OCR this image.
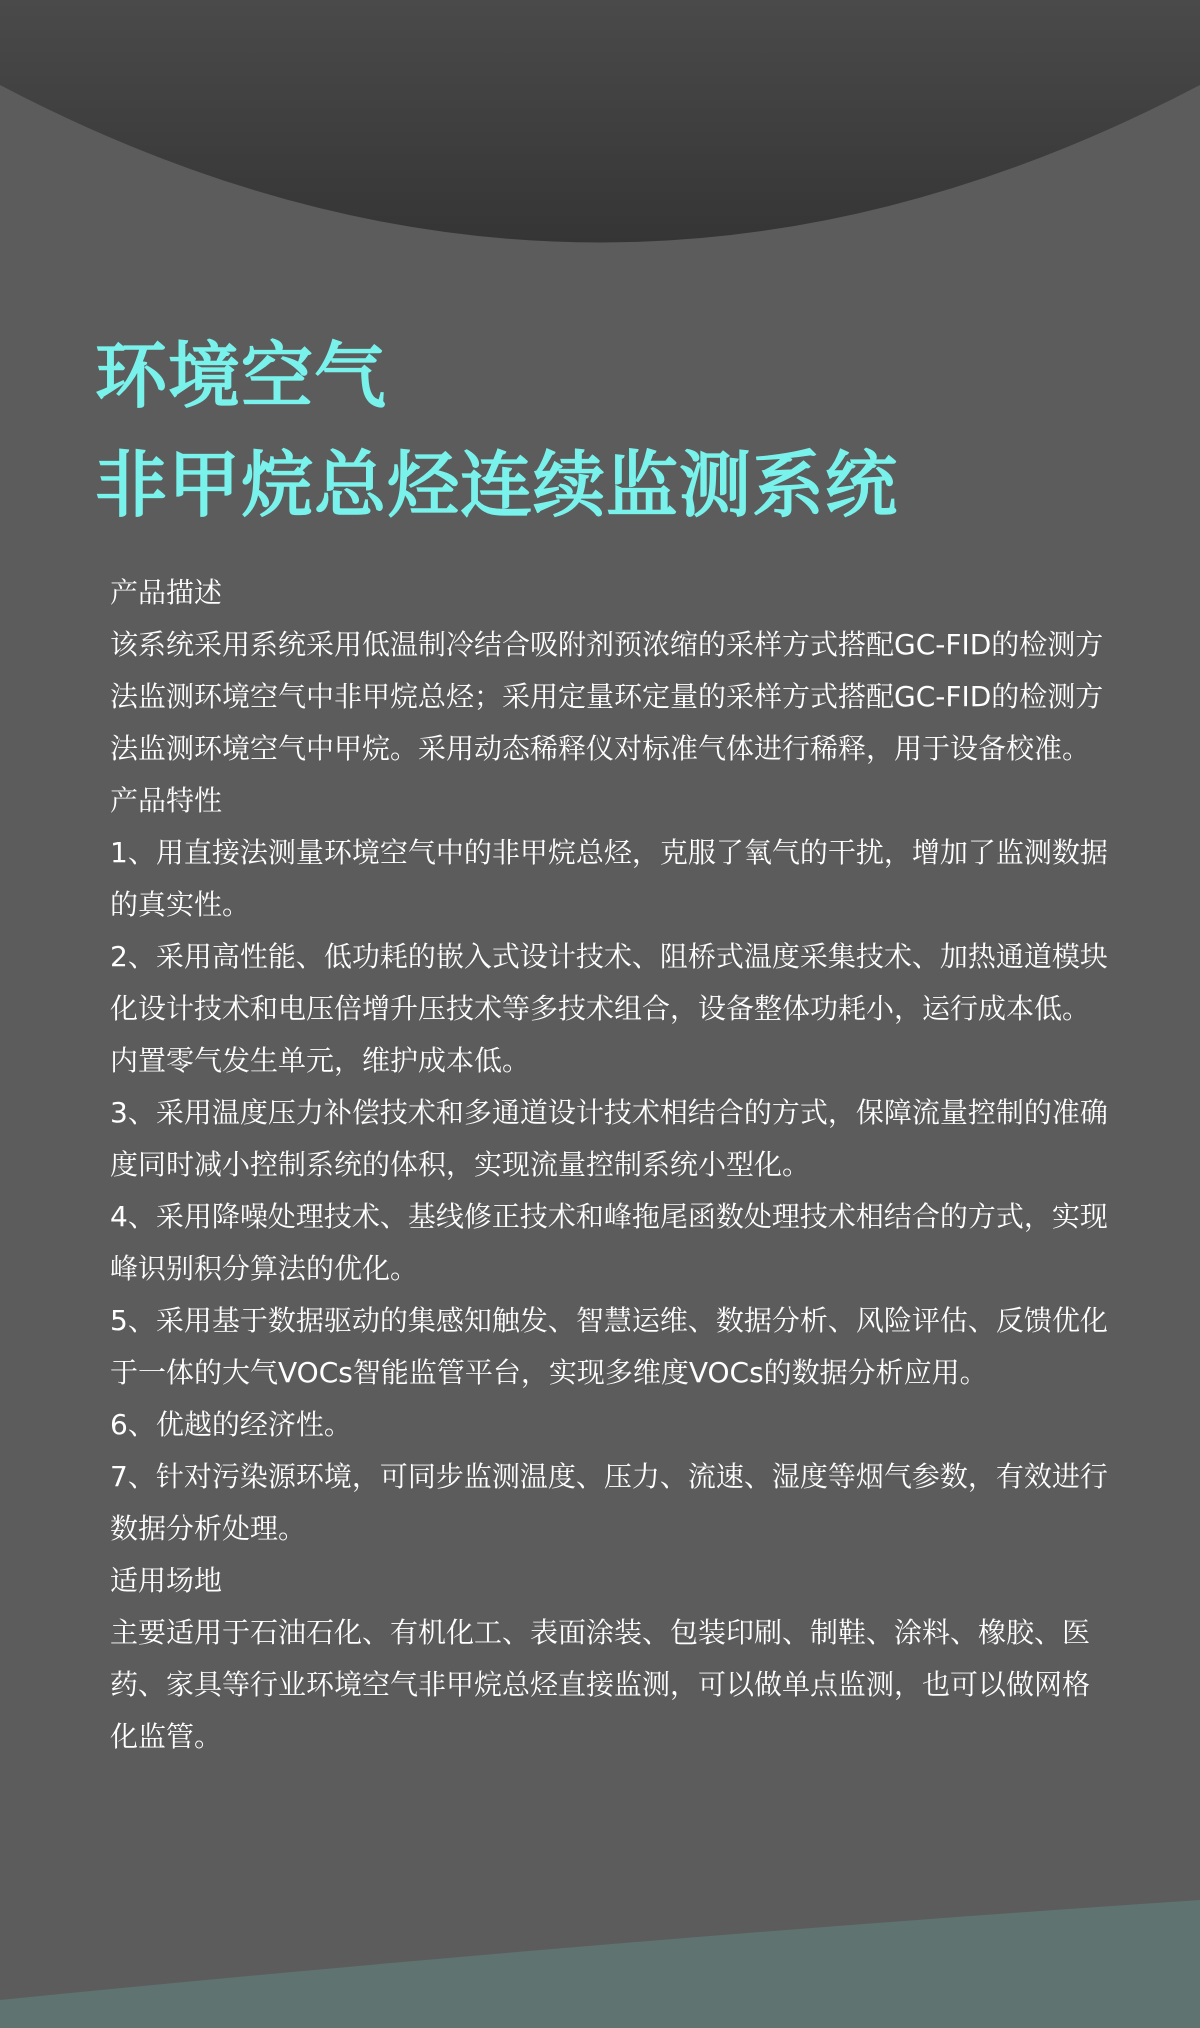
环境空气
非甲烷总烃连续监测系统

产品描述

该系统采用系统采用低温制冷结合吸附剂预浓缩的采样方式搭配GC-FID的检测方法监测环境空气中非甲烷总烃；采用定量环定量的采样方式搭配GC-FID的检测方法监测环境空气中甲烷。采用动态稀释仪对标准气体进行稀释，用于设备校准。

产品特性

1、用直接法测量环境空气中的非甲烷总烃，克服了氧气的干扰，增加了监测数据的真实性。

2、采用高性能、低功耗的嵌入式设计技术、阻桥式温度采集技术、加热通道模块化设计技术和电压倍增升压技术等多技术组合，设备整体功耗小，运行成本低。内置零气发生单元，维护成本低。

3、采用温度压力补偿技术和多通道设计技术相结合的方式，保障流量控制的准确度同时减小控制系统的体积，实现流量控制系统小型化。

4、采用降噪处理技术、基线修正技术和峰拖尾函数处理技术相结合的方式，实现峰识别积分算法的优化。

5、采用基于数据驱动的集感知触发、智慧运维、数据分析、风险评估、反馈优化于一体的大气VOCs智能监管平台，实现多维度VOCs的数据分析应用。

6、优越的经济性。

7、针对污染源环境，可同步监测温度、压力、流速、湿度等烟气参数，有效进行数据分析处理。

适用场地

主要适用于石油石化、有机化工、表面涂装、包装印刷、制鞋、涂料、橡胶、医药、家具等行业环境空气非甲烷总烃直接监测，可以做单点监测，也可以做网格化监管。
